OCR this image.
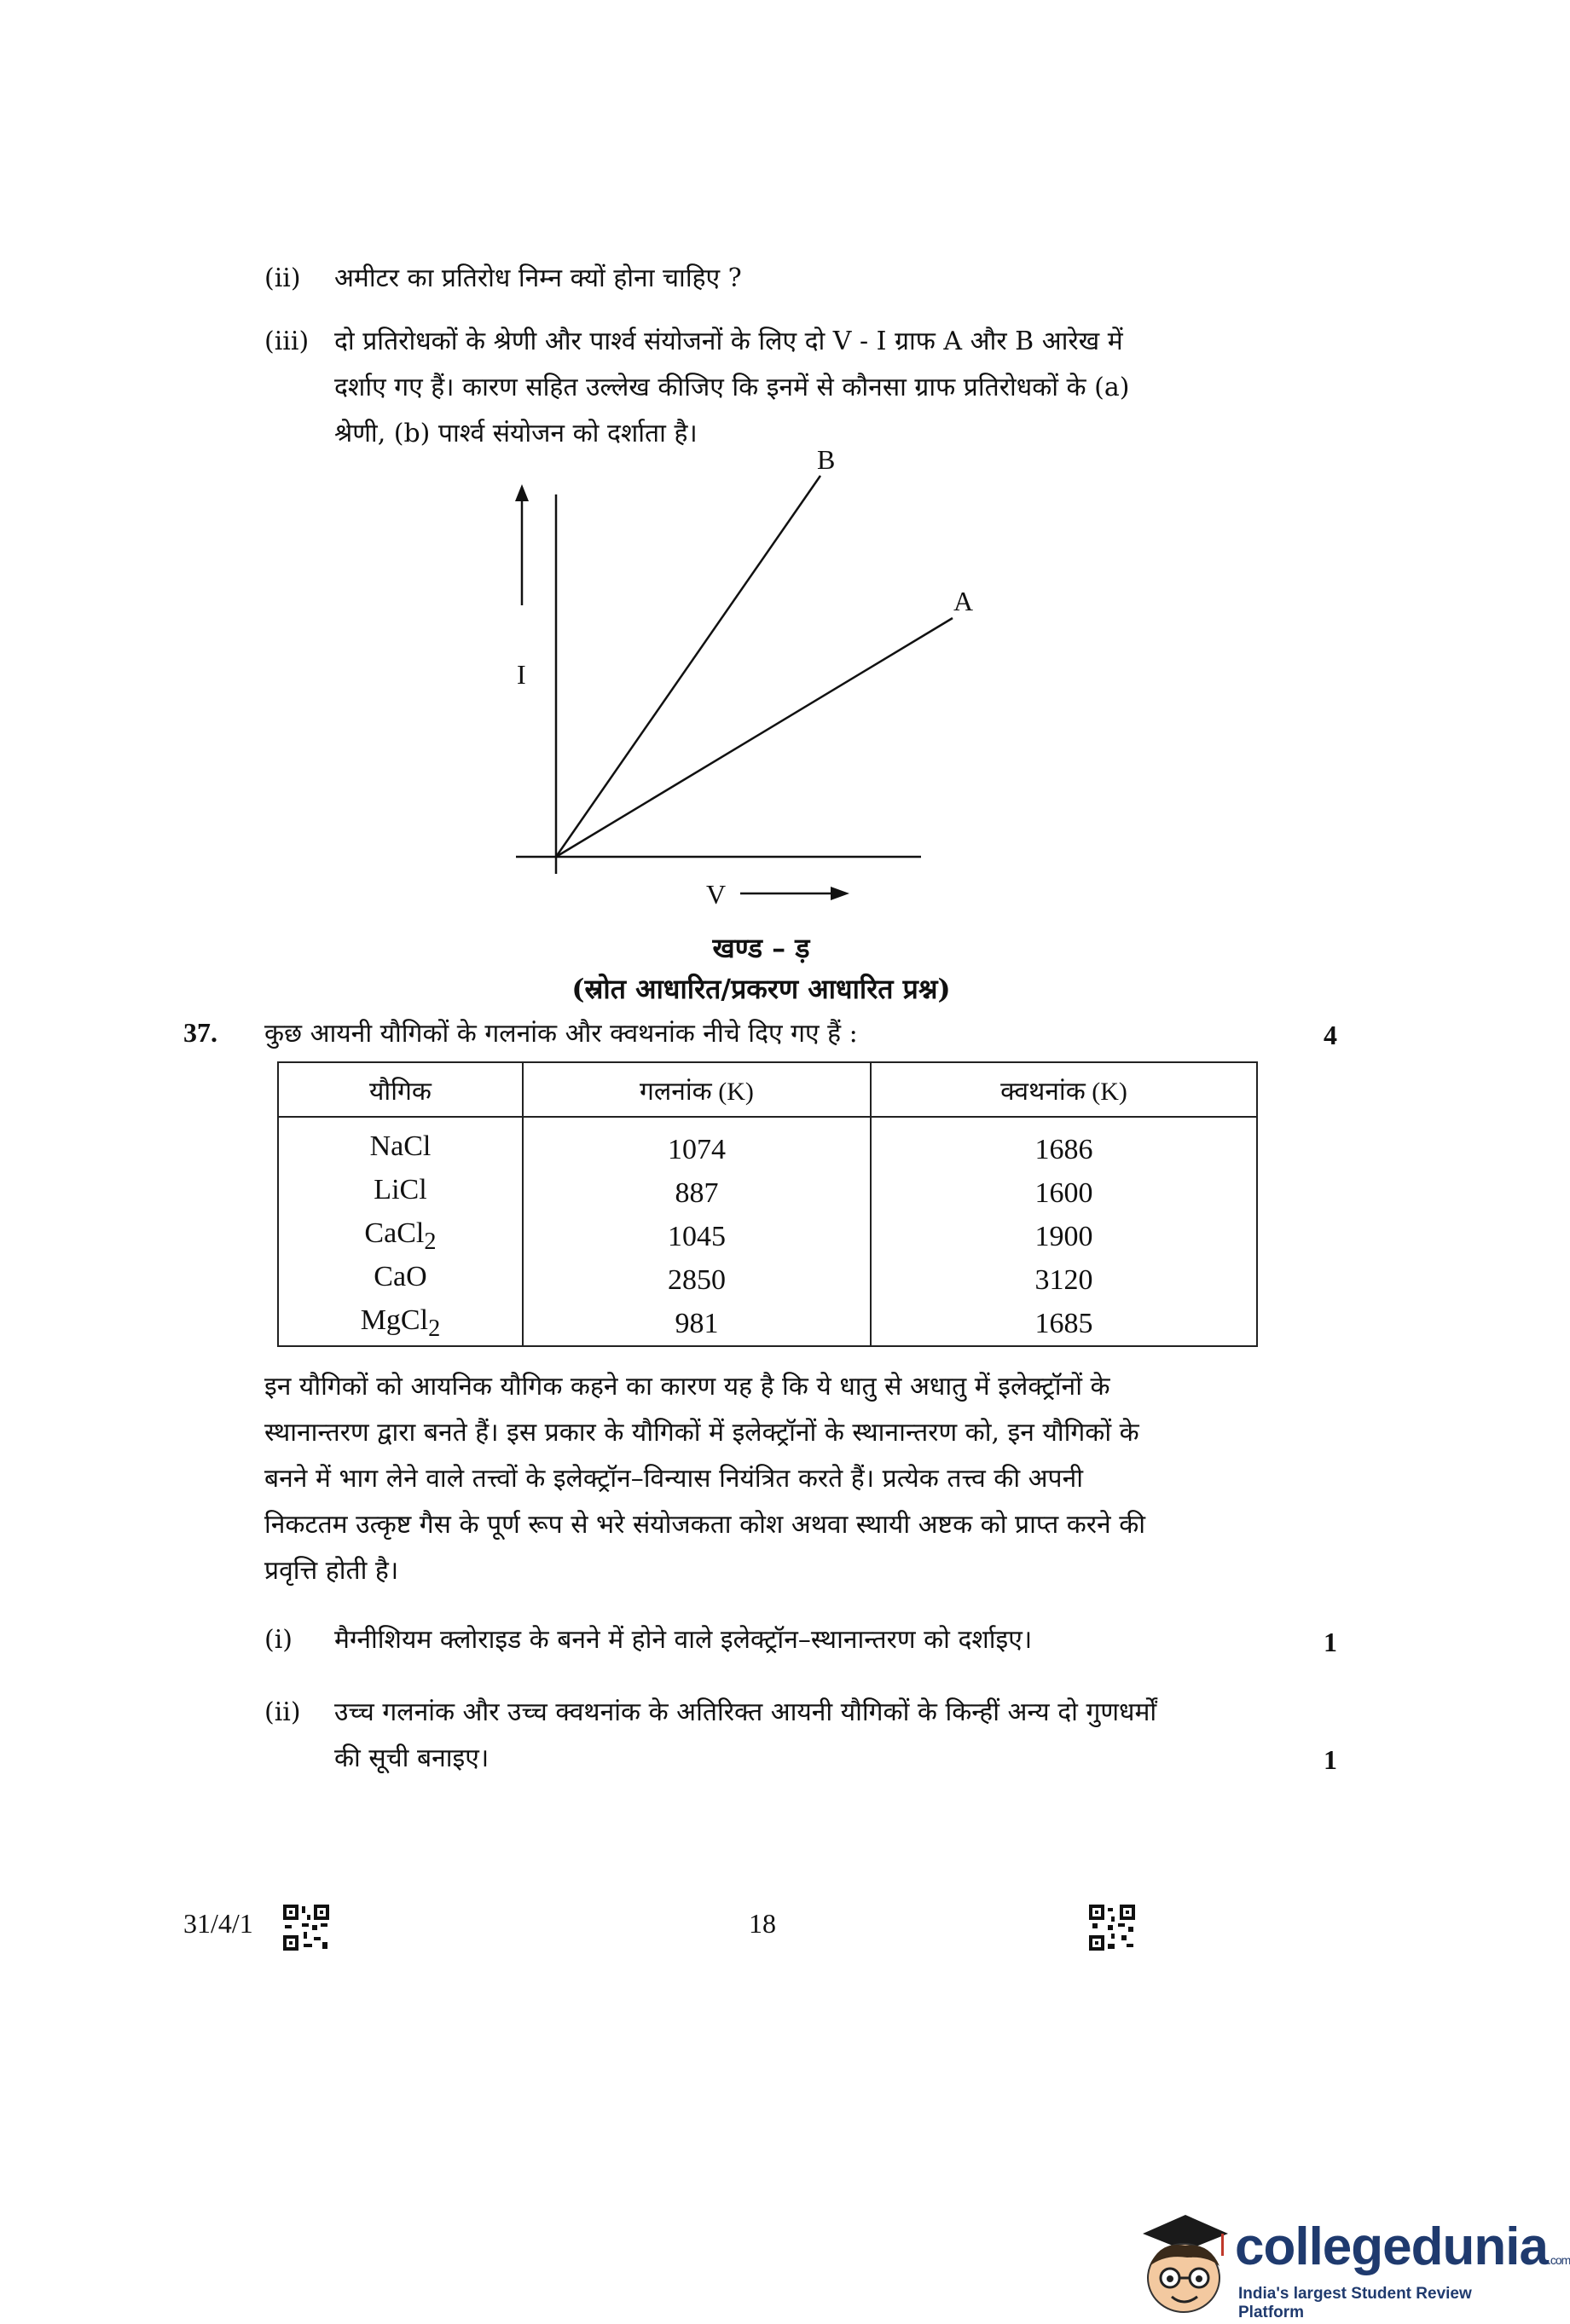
(ii) अमीटर का प्रतिरोध निम्न क्यों होना चाहिए ?
(iii) दो प्रतिरोधकों के श्रेणी और पार्श्व संयोजनों के लिए दो V - I ग्राफ A और B आरेख में
दर्शाए गए हैं। कारण सहित उल्लेख कीजिए कि इनमें से कौनसा ग्राफ प्रतिरोधकों के (a)
श्रेणी, (b) पार्श्व संयोजन को दर्शाता है।
B
A
I
V
खण्ड – ड़
(स्रोत आधारित/प्रकरण आधारित प्रश्न)
37. कुछ आयनी यौगिकों के गलनांक और क्वथनांक नीचे दिए गए हैं :	4
यौगिक	गलनांक (K)	क्वथनांक (K)
NaCl	1074	1686
LiCl	887	1600
CaCl$_2$	1045	1900
CaO	2850	3120
MgCl$_2$	981	1685
इन यौगिकों को आयनिक यौगिक कहने का कारण यह है कि ये धातु से अधातु में इलेक्ट्रॉनों के
स्थानान्तरण द्वारा बनते हैं। इस प्रकार के यौगिकों में इलेक्ट्रॉनों के स्थानान्तरण को, इन यौगिकों के
बनने में भाग लेने वाले तत्त्वों के इलेक्ट्रॉन–विन्यास नियंत्रित करते हैं। प्रत्येक तत्त्व की अपनी
निकटतम उत्कृष्ट गैस के पूर्ण रूप से भरे संयोजकता कोश अथवा स्थायी अष्टक को प्राप्त करने की
प्रवृत्ति होती है।
(i) मैग्नीशियम क्लोराइड के बनने में होने वाले इलेक्ट्रॉन–स्थानान्तरण को दर्शाइए।	1
(ii) उच्च गलनांक और उच्च क्वथनांक के अतिरिक्त आयनी यौगिकों के किन्हीं अन्य दो गुणधर्मों
की सूची बनाइए।	1
31/4/1	18
collegedunia.com
India's largest Student Review Platform
